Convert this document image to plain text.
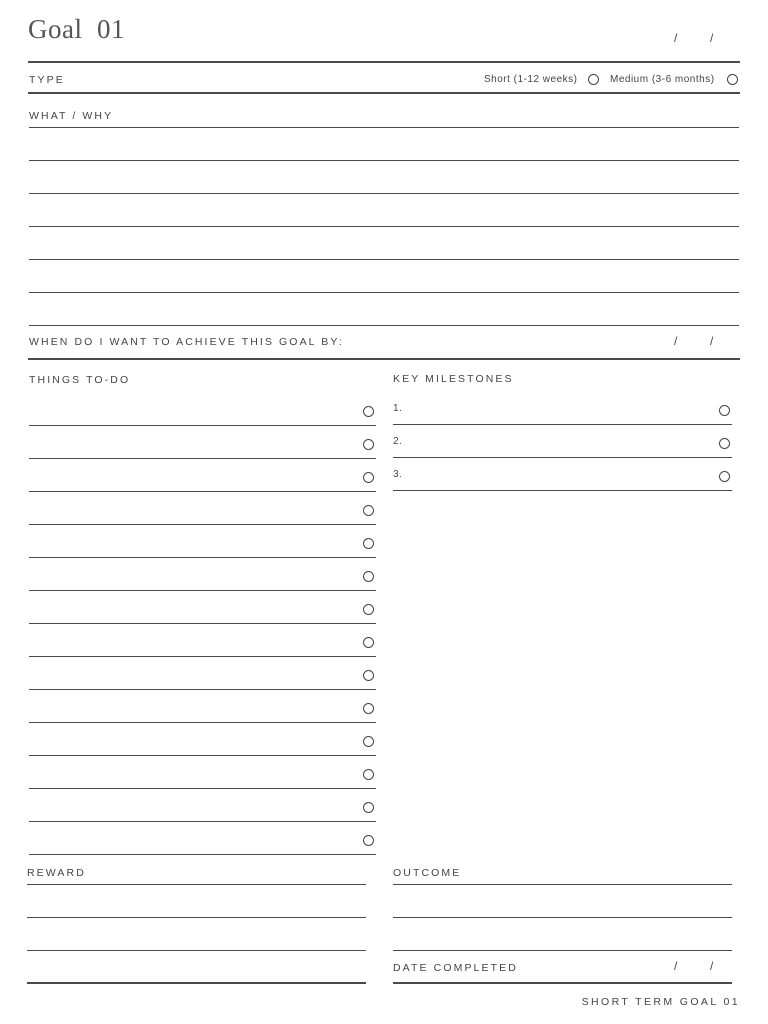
Goal  01	/	/
TYPE	Short (1-12 weeks)	Medium (3-6 months)
WHAT / WHY
WHEN DO I WANT TO ACHIEVE THIS GOAL BY:	/	/
THINGS TO-DO	KEY MILESTONES
1.
2.
3.
REWARD	OUTCOME
DATE COMPLETED	/	/
SHORT TERM GOAL 01
